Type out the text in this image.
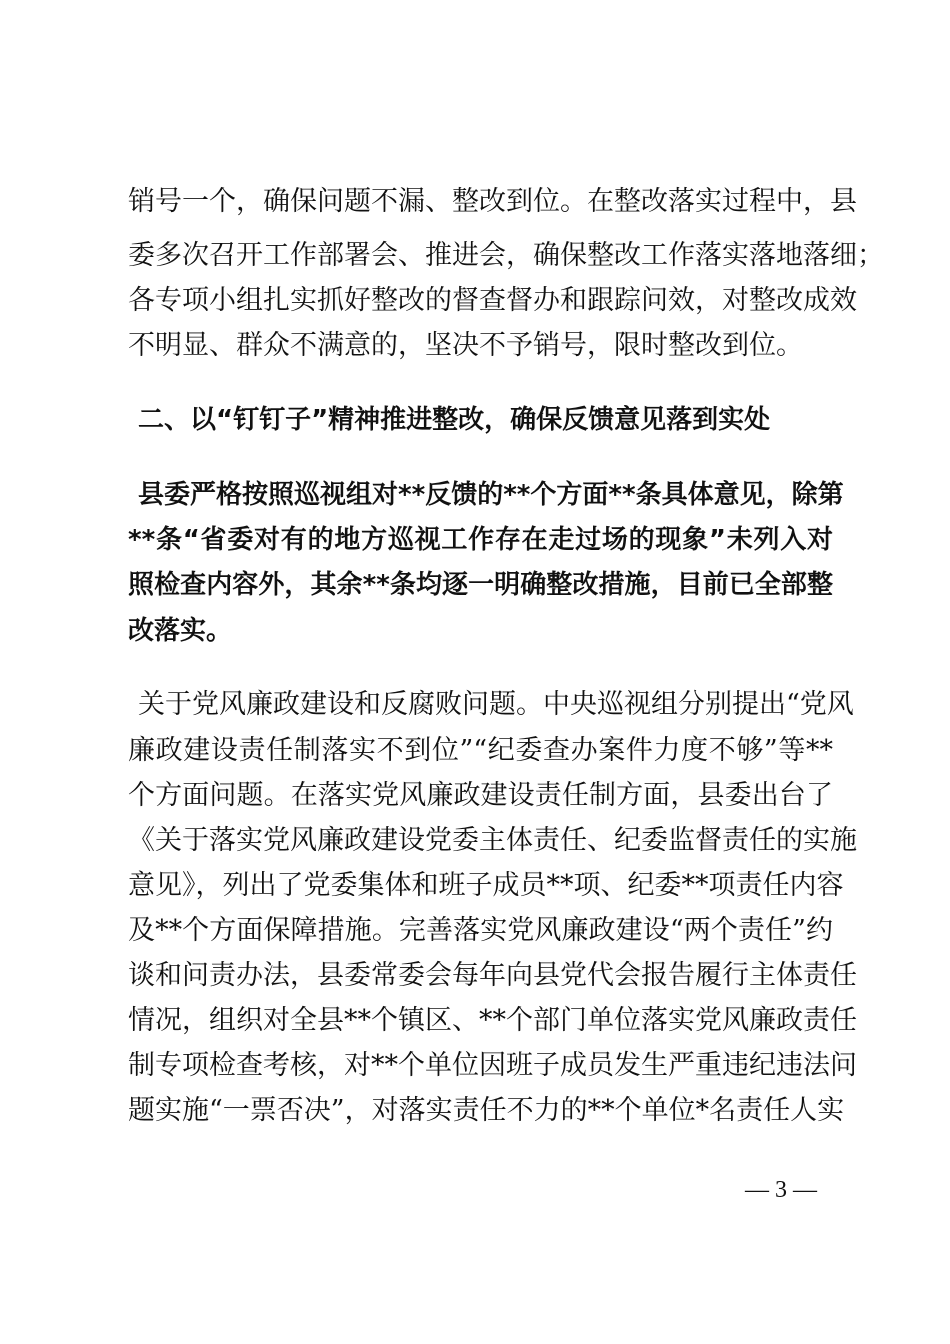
销号一个，确保问题不漏、整改到位。在整改落实过程中，县
委多次召开工作部署会、推进会，确保整改工作落实落地落细；
各专项小组扎实抓好整改的督查督办和跟踪问效，对整改成效
不明显、群众不满意的，坚决不予销号，限时整改到位。
二、以“钉钉子”精神推进整改，确保反馈意见落到实处
县委严格按照巡视组对**反馈的**个方面**条具体意见，除第
**条“省委对有的地方巡视工作存在走过场的现象”未列入对
照检查内容外，其余**条均逐一明确整改措施，目前已全部整
改落实。
关于党风廉政建设和反腐败问题。中央巡视组分别提出“党风
廉政建设责任制落实不到位”“纪委查办案件力度不够”等**
个方面问题。在落实党风廉政建设责任制方面，县委出台了
《关于落实党风廉政建设党委主体责任、纪委监督责任的实施
意见》，列出了党委集体和班子成员**项、纪委**项责任内容
及**个方面保障措施。完善落实党风廉政建设“两个责任”约
谈和问责办法，县委常委会每年向县党代会报告履行主体责任
情况，组织对全县**个镇区、**个部门单位落实党风廉政责任
制专项检查考核，对**个单位因班子成员发生严重违纪违法问
题实施“一票否决”，对落实责任不力的**个单位*名责任人实
— 3 —
